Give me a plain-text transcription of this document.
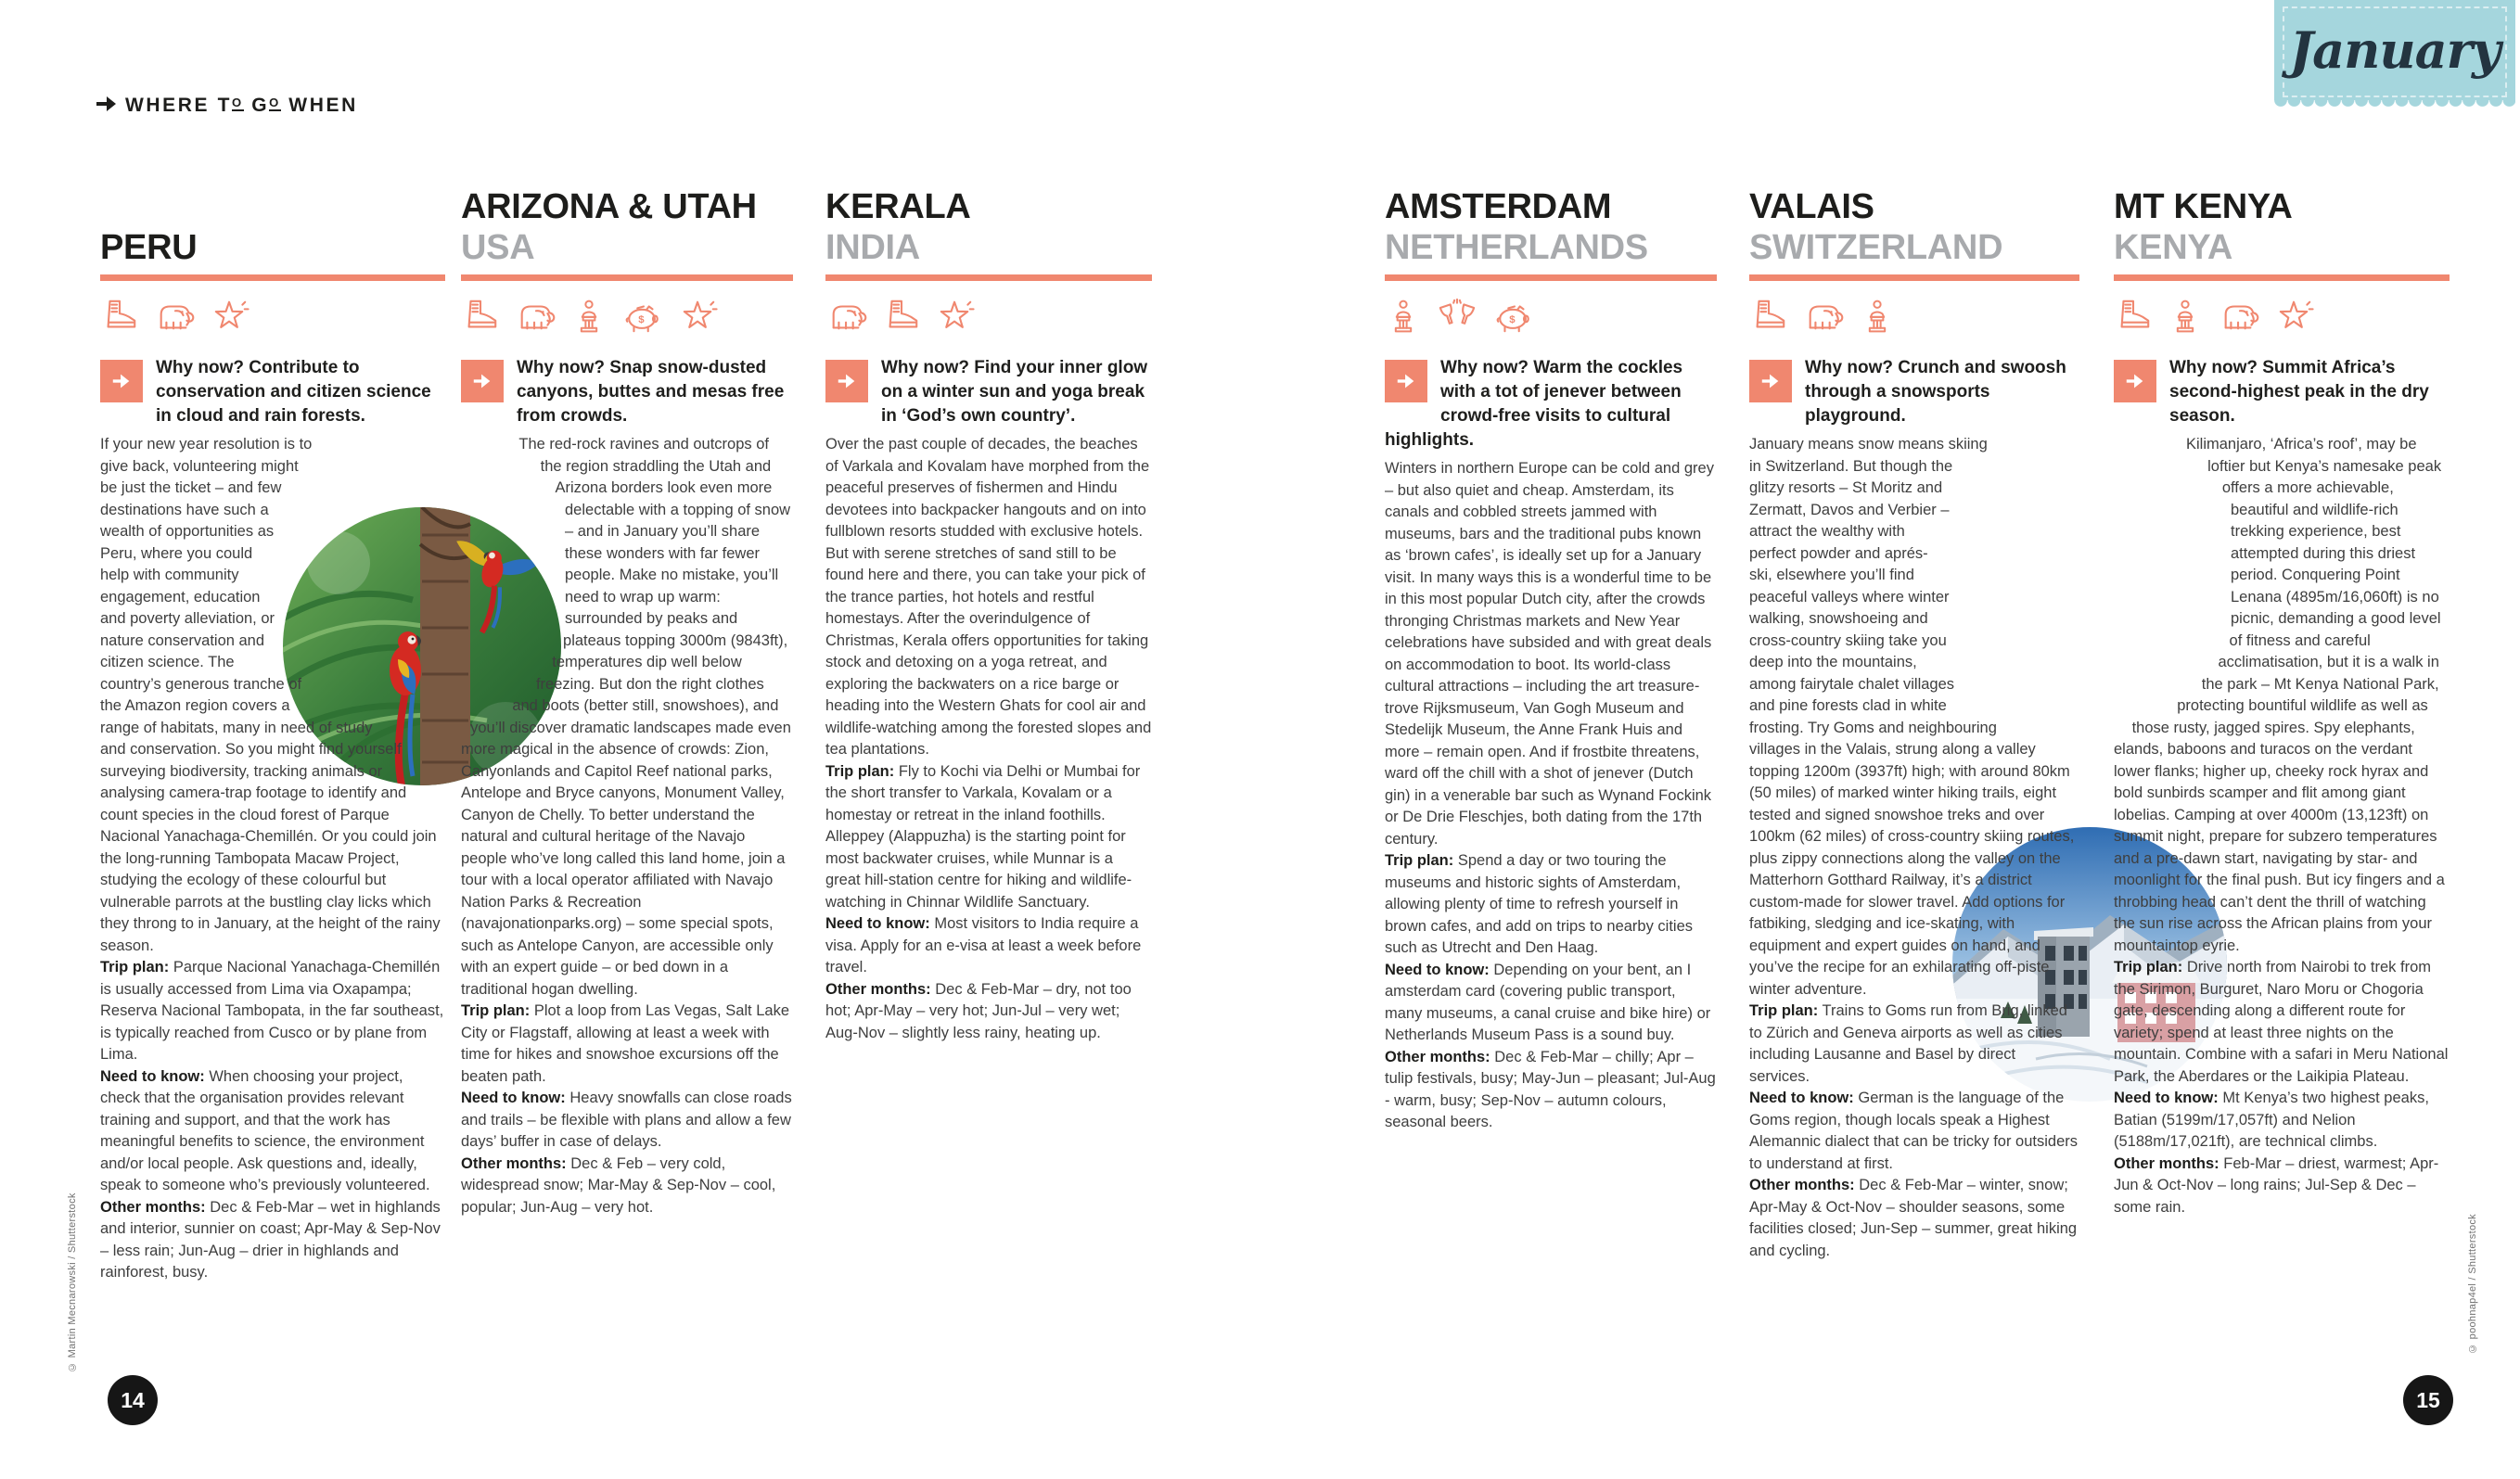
WHERE TO GO WHEN
January
PERU
Why now? Contribute to conservation and citizen science in cloud and rain forests.

If your new year resolution is to give back, volunteering might be just the ticket – and few destinations have such a wealth of opportunities as Peru, where you could help with community engagement, education and poverty alleviation, or nature conservation and citizen science. The country’s generous tranche of the Amazon region covers a range of habitats, many in need of study and conservation. So you might find yourself surveying biodiversity, tracking animals or analysing camera-trap footage to identify and count species in the cloud forest of Parque Nacional Yanachaga-Chemillén. Or you could join the long-running Tambopata Macaw Project, studying the ecology of these colourful but vulnerable parrots at the bustling clay licks which they throng to in January, at the height of the rainy season.

Trip plan: Parque Nacional Yanachaga-Chemillén is usually accessed from Lima via Oxapampa; Reserva Nacional Tambopata, in the far southeast, is typically reached from Cusco or by plane from Lima.

Need to know: When choosing your project, check that the organisation provides relevant training and support, and that the work has meaningful benefits to science, the environment and/or local people. Ask questions and, ideally, speak to someone who’s previously volunteered.

Other months: Dec & Feb-Mar – wet in highlands and interior, sunnier on coast; Apr-May & Sep-Nov – less rain; Jun-Aug – drier in highlands and rainforest, busy.

ARIZONA & UTAH
USA
$
Why now? Snap snow-dusted canyons, buttes and mesas free from crowds.

The red-rock ravines and outcrops of the region straddling the Utah and Arizona borders look even more delectable with a topping of snow – and in January you’ll share these wonders with far fewer people. Make no mistake, you’ll need to wrap up warm: surrounded by peaks and plateaus topping 3000m (9843ft), temperatures dip well below freezing. But don the right clothes and boots (better still, snowshoes), and you’ll discover dramatic landscapes made even more magical in the absence of crowds: Zion, Canyonlands and Capitol Reef national parks, Antelope and Bryce canyons, Monument Valley, Canyon de Chelly. To better understand the natural and cultural heritage of the Navajo people who’ve long called this land home, join a tour with a local operator affiliated with Navajo Nation Parks & Recreation (navajonationparks.org) – some special spots, such as Antelope Canyon, are accessible only with an expert guide – or bed down in a traditional hogan dwelling.

Trip plan: Plot a loop from Las Vegas, Salt Lake City or Flagstaff, allowing at least a week with time for hikes and snowshoe excursions off the beaten path.

Need to know: Heavy snowfalls can close roads and trails – be flexible with plans and allow a few days’ buffer in case of delays.

Other months: Dec & Feb – very cold, widespread snow; Mar-May & Sep-Nov – cool, popular; Jun-Aug – very hot.

KERALA
INDIA
Why now? Find your inner glow on a winter sun and yoga break in ‘God’s own country’.

Over the past couple of decades, the beaches of Varkala and Kovalam have morphed from the peaceful preserves of fishermen and Hindu devotees into backpacker hangouts and on into fullblown resorts studded with exclusive hotels. But with serene stretches of sand still to be found here and there, you can take your pick of the trance parties, hot hotels and restful homestays. After the overindulgence of Christmas, Kerala offers opportunities for taking stock and detoxing on a yoga retreat, and exploring the backwaters on a rice barge or heading into the Western Ghats for cool air and wildlife-watching among the forested slopes and tea plantations.

Trip plan: Fly to Kochi via Delhi or Mumbai for the short transfer to Varkala, Kovalam or a homestay or retreat in the inland foothills. Alleppey (Alappuzha) is the starting point for most backwater cruises, while Munnar is a great hill-station centre for hiking and wildlife-watching in Chinnar Wildlife Sanctuary.

Need to know: Most visitors to India require a visa. Apply for an e-visa at least a week before travel.

Other months: Dec & Feb-Mar – dry, not too hot; Apr-May – very hot; Jun-Jul – very wet; Aug-Nov – slightly less rainy, heating up.

AMSTERDAM
NETHERLANDS
$
Why now? Warm the cockles with a tot of jenever between crowd-free visits to cultural highlights.

Winters in northern Europe can be cold and grey – but also quiet and cheap. Amsterdam, its canals and cobbled streets jammed with museums, bars and the traditional pubs known as ‘brown cafes’, is ideally set up for a January visit. In many ways this is a wonderful time to be in this most popular Dutch city, after the crowds thronging Christmas markets and New Year celebrations have subsided and with great deals on accommodation to boot. Its world-class cultural attractions – including the art treasure-trove Rijksmuseum, Van Gogh Museum and Stedelijk Museum, the Anne Frank Huis and more – remain open. And if frostbite threatens, ward off the chill with a shot of jenever (Dutch gin) in a venerable bar such as Wynand Fockink or De Drie Fleschjes, both dating from the 17th century.

Trip plan: Spend a day or two touring the museums and historic sights of Amsterdam, allowing plenty of time to refresh yourself in brown cafes, and add on trips to nearby cities such as Utrecht and Den Haag.

Need to know: Depending on your bent, an I amsterdam card (covering public transport, many museums, a canal cruise and bike hire) or Netherlands Museum Pass is a sound buy.

Other months: Dec & Feb-Mar – chilly; Apr – tulip festivals, busy; May-Jun – pleasant; Jul-Aug - warm, busy; Sep-Nov – autumn colours, seasonal beers.

VALAIS
SWITZERLAND
Why now? Crunch and swoosh through a snowsports playground.

January means snow means skiing in Switzerland. But though the glitzy resorts – St Moritz and Zermatt, Davos and Verbier – attract the wealthy with perfect powder and aprés-ski, elsewhere you’ll find peaceful valleys where winter walking, snowshoeing and cross-country skiing take you deep into the mountains, among fairytale chalet villages and pine forests clad in white frosting. Try Goms and neighbouring villages in the Valais, strung along a valley topping 1200m (3937ft) high; with around 80km (50 miles) of marked winter hiking trails, eight tested and signed snowshoe treks and over 100km (62 miles) of cross-country skiing routes, plus zippy connections along the valley on the Matterhorn Gotthard Railway, it’s a district custom-made for slower travel. Add options for fatbiking, sledging and ice-skating, with equipment and expert guides on hand, and you’ve the recipe for an exhilarating off-piste winter adventure.

Trip plan: Trains to Goms run from Brig, linked to Zürich and Geneva airports as well as cities including Lausanne and Basel by direct services.

Need to know: German is the language of the Goms region, though locals speak a Highest Alemannic dialect that can be tricky for outsiders to understand at first.

Other months: Dec & Feb-Mar – winter, snow; Apr-May & Oct-Nov – shoulder seasons, some facilities closed; Jun-Sep – summer, great hiking and cycling.

MT KENYA
KENYA
Why now? Summit Africa’s second-highest peak in the dry season.

Kilimanjaro, ‘Africa’s roof’, may be loftier but Kenya’s namesake peak offers a more achievable, beautiful and wildlife-rich trekking experience, best attempted during this driest period. Conquering Point Lenana (4895m/16,060ft) is no picnic, demanding a good level of fitness and careful acclimatisation, but it is a walk in the park – Mt Kenya National Park, protecting bountiful wildlife as well as those rusty, jagged spires. Spy elephants, elands, baboons and turacos on the verdant lower flanks; higher up, cheeky rock hyrax and bold sunbirds scamper and flit among giant lobelias. Camping at over 4000m (13,123ft) on summit night, prepare for subzero temperatures and a pre-dawn start, navigating by star- and moonlight for the final push. But icy fingers and a throbbing head can’t dent the thrill of watching the sun rise across the African plains from your mountaintop eyrie.

Trip plan: Drive north from Nairobi to trek from the Sirimon, Burguret, Naro Moru or Chogoria gate, descending along a different route for variety; spend at least three nights on the mountain. Combine with a safari in Meru National Park, the Aberdares or the Laikipia Plateau.

Need to know: Mt Kenya’s two highest peaks, Batian (5199m/17,057ft) and Nelion (5188m/17,021ft), are technical climbs.

Other months: Feb-Mar – driest, warmest; Apr-Jun & Oct-Nov – long rains; Jul-Sep & Dec – some rain.

14	15
© Martin Mecnarowski / Shutterstock	© poohnap4el / Shutterstock
